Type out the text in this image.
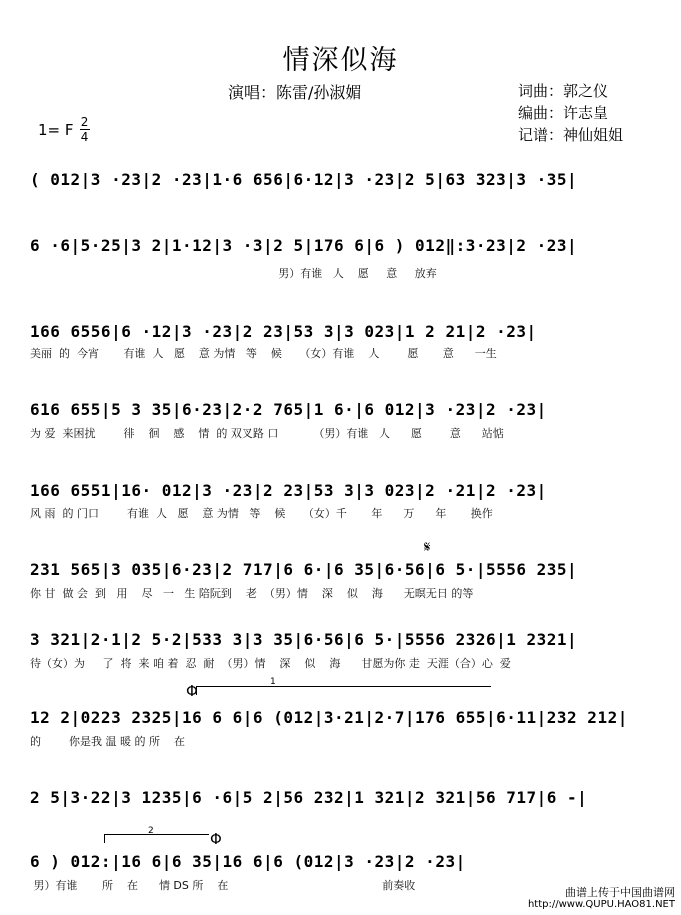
情深似海
演唱：陈雷/孙淑媚	词曲：郭之仪
编曲：许志皇
记谱：神仙姐姐
1= F 2
4
( 012|3 ·23|2 ·23|1·6 656|6·12|3 ·23|2 5|63 323|3 ·35|
6 ·6|5·25|3 2|1·12|3 ·3|2 5|176 6|6 ) 012‖:3·23|2 ·23|
男）有谁   人    愿     意     放弃
166 6556|6 ·12|3 ·23|2 23|53 3|3 023|1 2 21|2 ·23|
美丽  的  今宵       有谁  人   愿    意 为情   等    候     （女）有谁    人        愿       意      一生
616 655|5 3 35|6·23|2·2 765|1 6·|6 012|3 ·23|2 ·23|
为 爱  来困扰        徘    徊    感    情  的 双叉路 口          （男）有谁   人      愿        意      站惦
166 6551|16· 012|3 ·23|2 23|53 3|3 023|2 ·21|2 ·23|
风 雨  的 门口        有谁  人   愿    意 为情   等    候     （女）千       年      万      年       换作
𝄋
231 565|3 035|6·23|2 717|6 6·|6 35|6·56|6 5·|5556 235|
你 甘  做 会  到   用    尽   一   生 陪阮到    老  （男）情    深    似    海      无暝无日 的等
3 321|2·1|2 5·2|533 3|3 35|6·56|6 5·|5556 2326|1 2321|
待（女）为     了  将  来 咱 着  忍  耐  （男）情    深    似    海      甘愿为你 走  天涯（合）心  爱
Φ	1
12 2|0223 2325|16 6 6|6 (012|3·21|2·7|176 655|6·11|232 212|
的        你是我 温 暖 的 所    在
2 5|3·22|3 1235|6 ·6|5 2|56 232|1 321|2 321|56 717|6 -|
2	Φ
6 ) 012:|16 6|6 35|16 6|6 (012|3 ·23|2 ·23|
男）有谁       所    在      情 DS 所    在                                            前奏收
曲谱上传于中国曲谱网
http://www.QUPU.HAO81.NET
